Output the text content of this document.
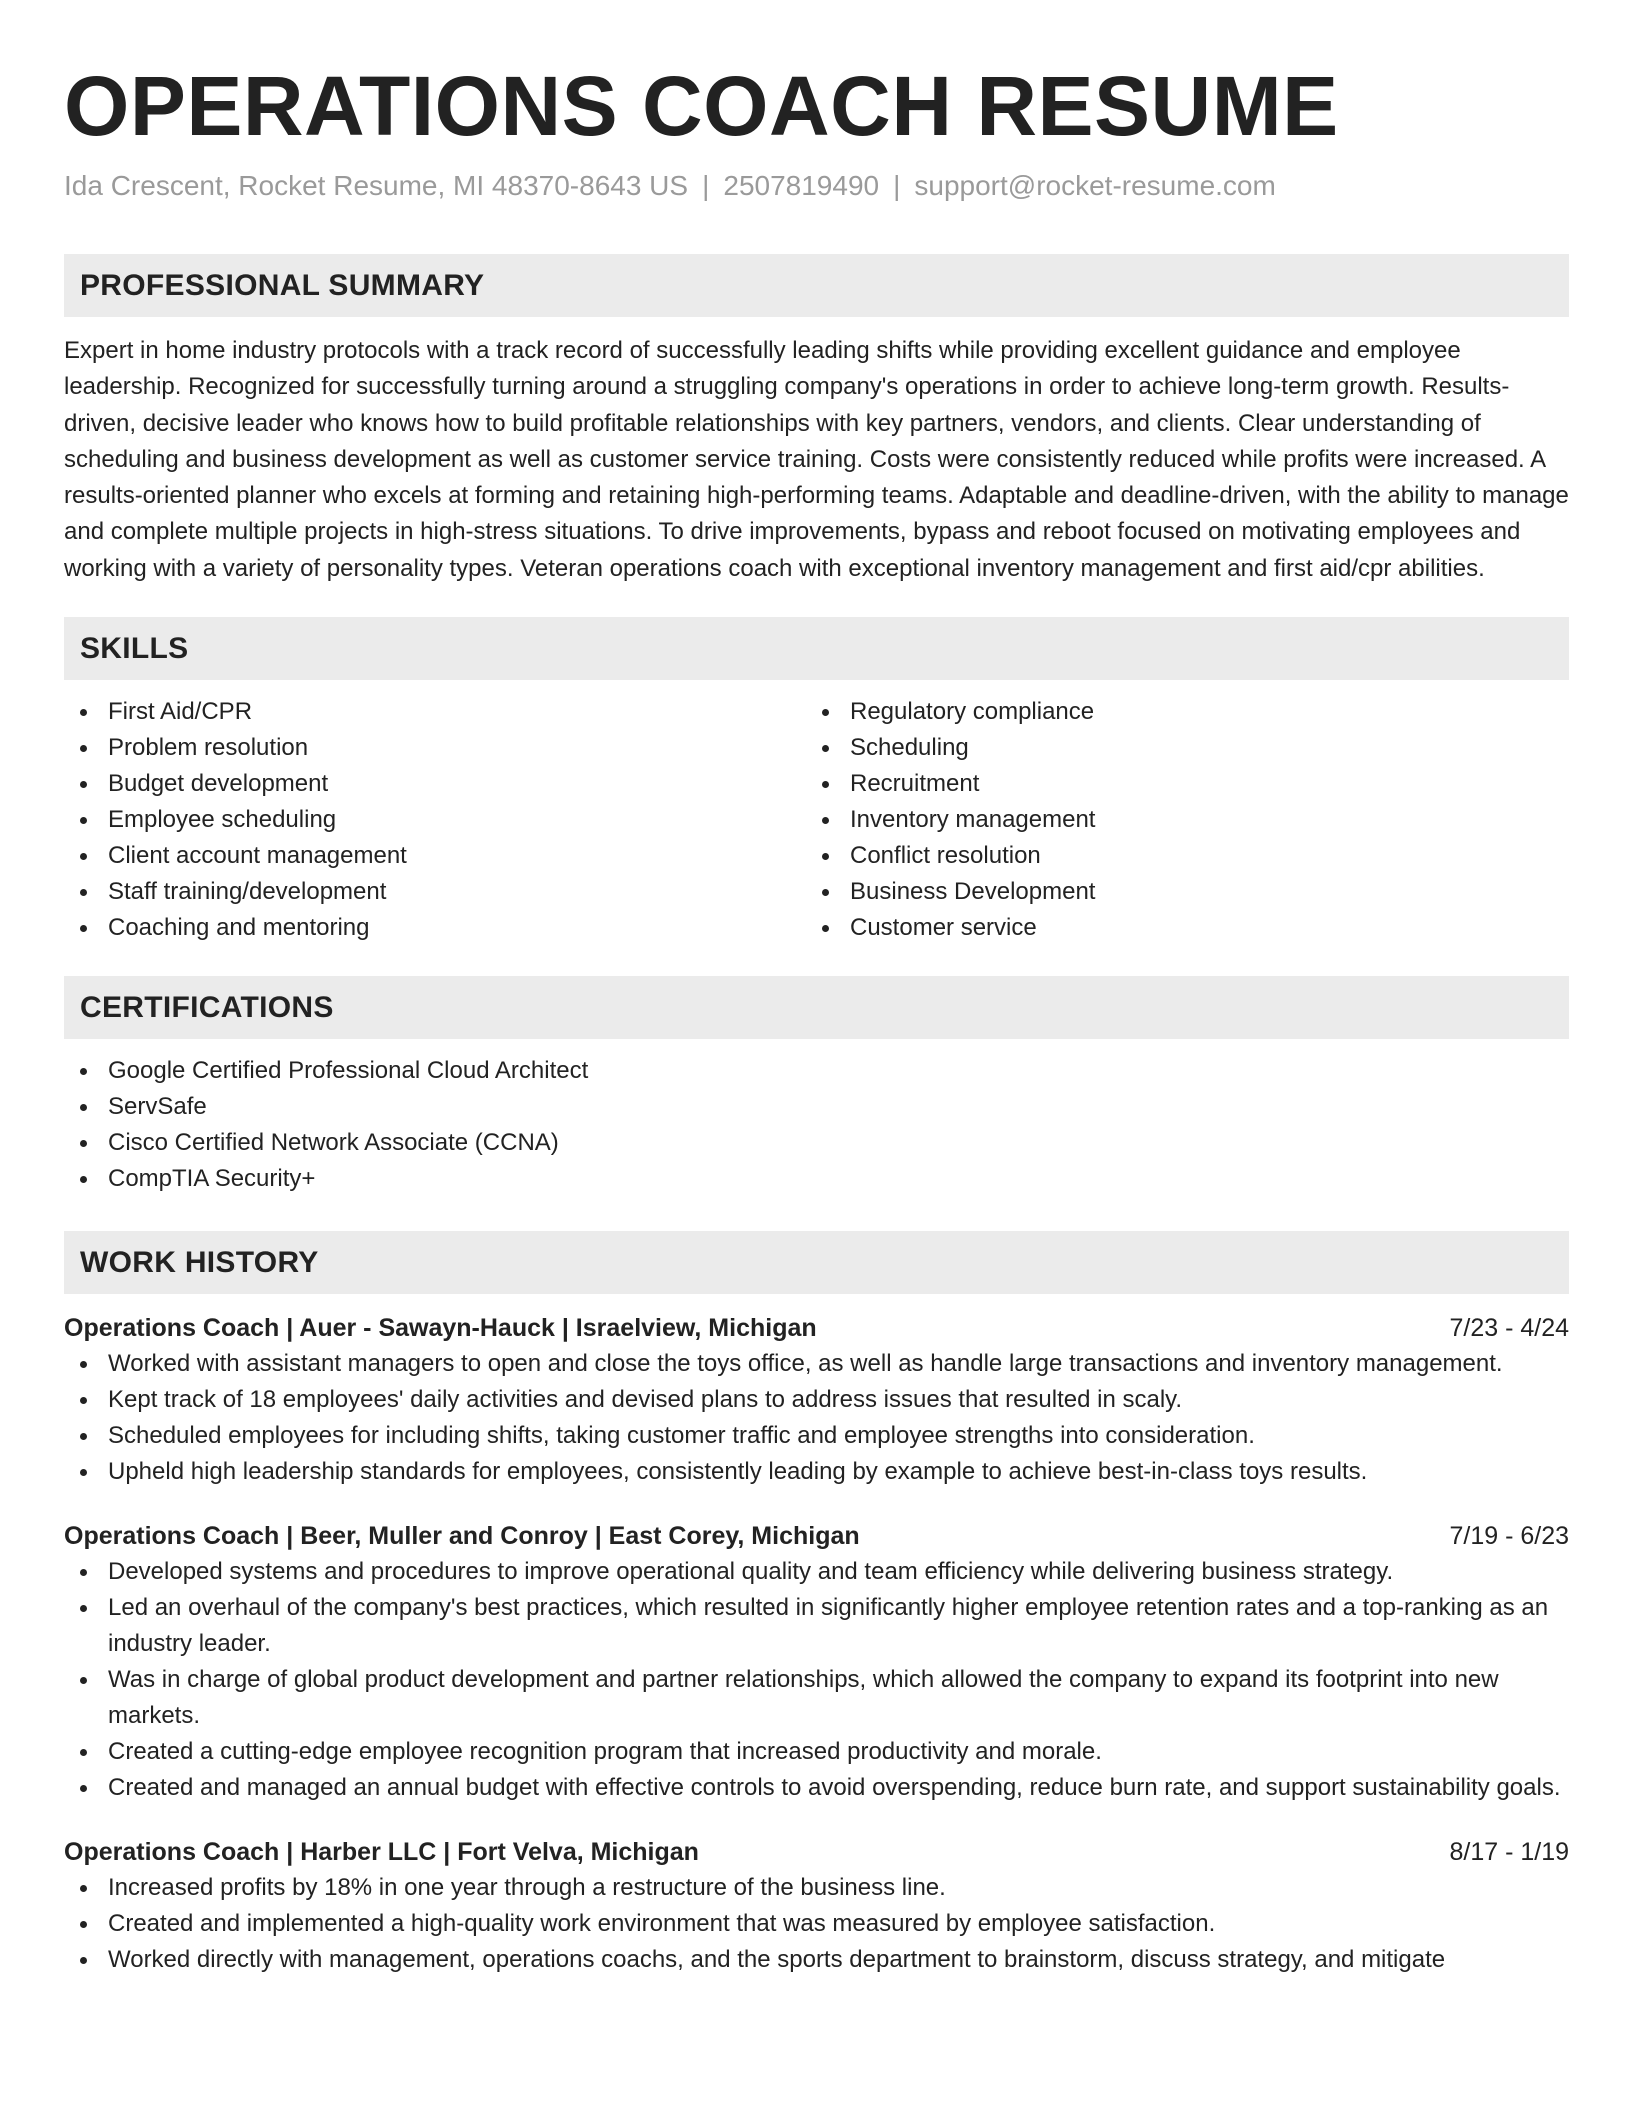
OPERATIONS COACH RESUME
Ida Crescent, Rocket Resume, MI 48370-8643 US | 2507819490 | support@rocket-resume.com
PROFESSIONAL SUMMARY

Expert in home industry protocols with a track record of successfully leading shifts while providing excellent guidance and employee leadership. Recognized for successfully turning around a struggling company's operations in order to achieve long-term growth. Results-driven, decisive leader who knows how to build profitable relationships with key partners, vendors, and clients. Clear understanding of scheduling and business development as well as customer service training. Costs were consistently reduced while profits were increased. A results-oriented planner who excels at forming and retaining high-performing teams. Adaptable and deadline-driven, with the ability to manage and complete multiple projects in high-stress situations. To drive improvements, bypass and reboot focused on motivating employees and working with a variety of personality types. Veteran operations coach with exceptional inventory management and first aid/cpr abilities.

SKILLS
First Aid/CPR
Problem resolution
Budget development
Employee scheduling
Client account management
Staff training/development
Coaching and mentoring
Regulatory compliance
Scheduling
Recruitment
Inventory management
Conflict resolution
Business Development
Customer service
CERTIFICATIONS
Google Certified Professional Cloud Architect
ServSafe
Cisco Certified Network Associate (CCNA)
CompTIA Security+
WORK HISTORY
Operations Coach | Auer - Sawayn-Hauck | Israelview, Michigan	7/23 - 4/24
Worked with assistant managers to open and close the toys office, as well as handle large transactions and inventory management.
Kept track of 18 employees' daily activities and devised plans to address issues that resulted in scaly.
Scheduled employees for including shifts, taking customer traffic and employee strengths into consideration.
Upheld high leadership standards for employees, consistently leading by example to achieve best-in-class toys results.
Operations Coach | Beer, Muller and Conroy | East Corey, Michigan	7/19 - 6/23
Developed systems and procedures to improve operational quality and team efficiency while delivering business strategy.
Led an overhaul of the company's best practices, which resulted in significantly higher employee retention rates and a top-ranking as an industry leader.
Was in charge of global product development and partner relationships, which allowed the company to expand its footprint into new markets.
Created a cutting-edge employee recognition program that increased productivity and morale.
Created and managed an annual budget with effective controls to avoid overspending, reduce burn rate, and support sustainability goals.
Operations Coach | Harber LLC | Fort Velva, Michigan	8/17 - 1/19
Increased profits by 18% in one year through a restructure of the business line.
Created and implemented a high-quality work environment that was measured by employee satisfaction.
Worked directly with management, operations coachs, and the sports department to brainstorm, discuss strategy, and mitigate
